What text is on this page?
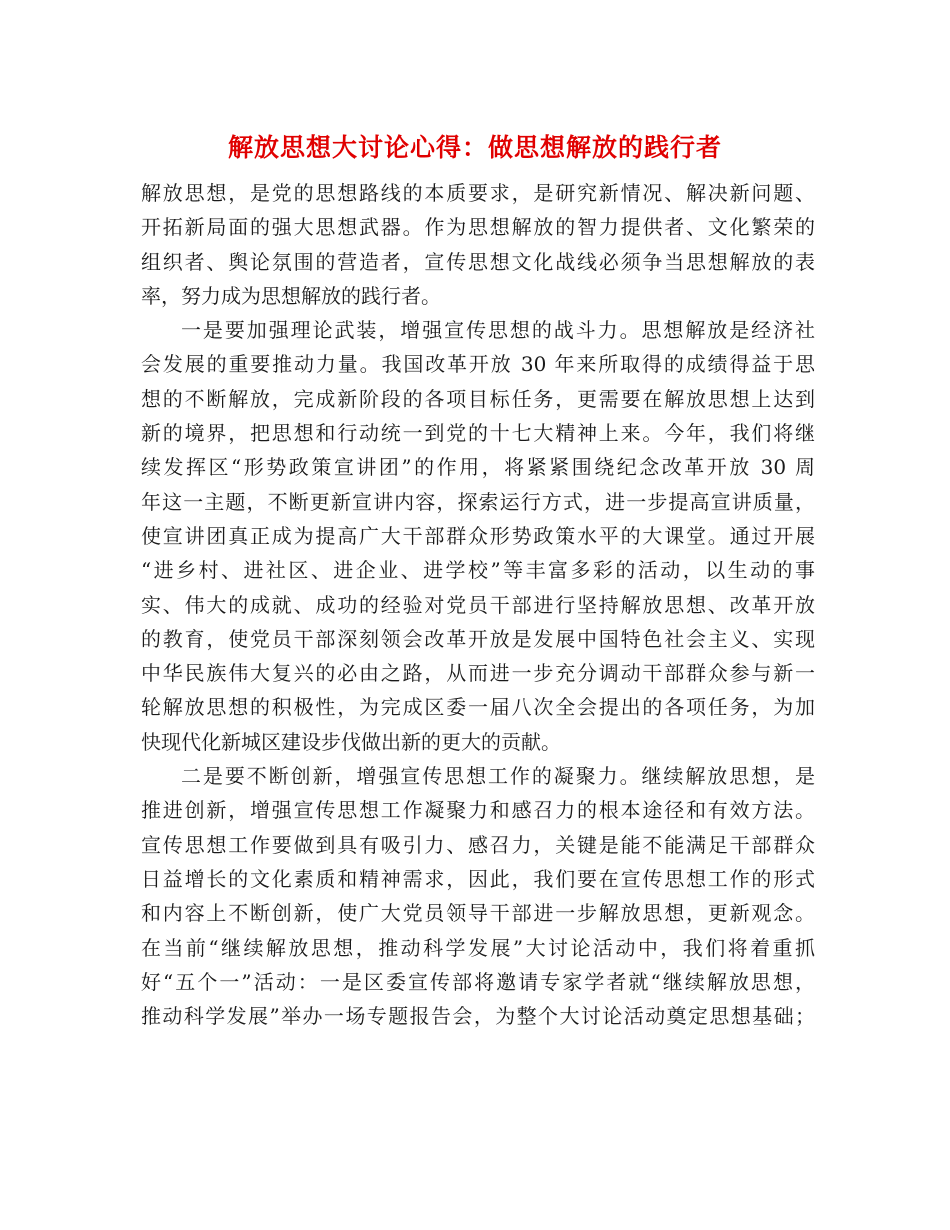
解放思想大讨论心得：做思想解放的践行者

解放思想，是党的思想路线的本质要求，是研究新情况、解决新问题、
开拓新局面的强大思想武器。作为思想解放的智力提供者、文化繁荣的
组织者、舆论氛围的营造者，宣传思想文化战线必须争当思想解放的表
率，努力成为思想解放的践行者。

一是要加强理论武装，增强宣传思想的战斗力。思想解放是经济社
会发展的重要推动力量。我国改革开放 30 年来所取得的成绩得益于思
想的不断解放，完成新阶段的各项目标任务，更需要在解放思想上达到
新的境界，把思想和行动统一到党的十七大精神上来。今年，我们将继
续发挥区“形势政策宣讲团”的作用，将紧紧围绕纪念改革开放 30 周
年这一主题，不断更新宣讲内容，探索运行方式，进一步提高宣讲质量，
使宣讲团真正成为提高广大干部群众形势政策水平的大课堂。通过开展
“进乡村、进社区、进企业、进学校”等丰富多彩的活动，以生动的事
实、伟大的成就、成功的经验对党员干部进行坚持解放思想、改革开放
的教育，使党员干部深刻领会改革开放是发展中国特色社会主义、实现
中华民族伟大复兴的必由之路，从而进一步充分调动干部群众参与新一
轮解放思想的积极性，为完成区委一届八次全会提出的各项任务，为加
快现代化新城区建设步伐做出新的更大的贡献。

二是要不断创新，增强宣传思想工作的凝聚力。继续解放思想，是
推进创新，增强宣传思想工作凝聚力和感召力的根本途径和有效方法。
宣传思想工作要做到具有吸引力、感召力，关键是能不能满足干部群众
日益增长的文化素质和精神需求，因此，我们要在宣传思想工作的形式
和内容上不断创新，使广大党员领导干部进一步解放思想，更新观念。
在当前“继续解放思想，推动科学发展”大讨论活动中，我们将着重抓
好“五个一”活动：一是区委宣传部将邀请专家学者就“继续解放思想，
推动科学发展”举办一场专题报告会，为整个大讨论活动奠定思想基础；
